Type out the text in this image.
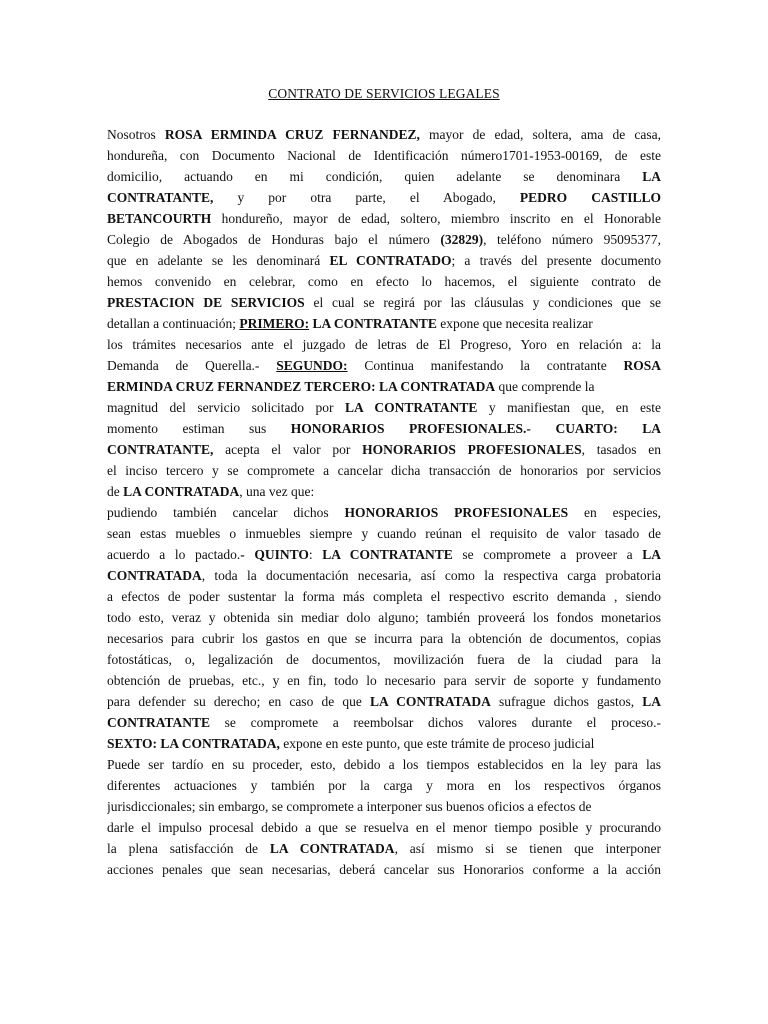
CONTRATO DE SERVICIOS LEGALES
Nosotros ROSA ERMINDA CRUZ FERNANDEZ, mayor de edad, soltera, ama de casa,
hondureña, con Documento Nacional de Identificación número1701-1953-00169, de este
domicilio, actuando en mi condición, quien adelante se denominara LA
CONTRATANTE, y por otra parte, el Abogado, PEDRO CASTILLO
BETANCOURTH hondureño, mayor de edad, soltero, miembro inscrito en el Honorable
Colegio de Abogados de Honduras bajo el número (32829), teléfono número 95095377,
que en adelante se les denominará EL CONTRATADO; a través del presente documento
hemos convenido en celebrar, como en efecto lo hacemos, el siguiente contrato de
PRESTACION DE SERVICIOS el cual se regirá por las cláusulas y condiciones que se
detallan a continuación; PRIMERO: LA CONTRATANTE expone que necesita realizar
los trámites necesarios ante el juzgado de letras de El Progreso, Yoro en relación a: la
Demanda de Querella.- SEGUNDO: Continua manifestando la contratante ROSA
ERMINDA CRUZ FERNANDEZ TERCERO: LA CONTRATADA que comprende la
magnitud del servicio solicitado por LA CONTRATANTE y manifiestan que, en este
momento estiman sus HONORARIOS PROFESIONALES.- CUARTO: LA
CONTRATANTE, acepta el valor por HONORARIOS PROFESIONALES, tasados en
el inciso tercero y se compromete a cancelar dicha transacción de honorarios por servicios
de LA CONTRATADA, una vez que:
pudiendo también cancelar dichos HONORARIOS PROFESIONALES en especies,
sean estas muebles o inmuebles siempre y cuando reúnan el requisito de valor tasado de
acuerdo a lo pactado.- QUINTO: LA CONTRATANTE se compromete a proveer a LA
CONTRATADA, toda la documentación necesaria, así como la respectiva carga probatoria
a efectos de poder sustentar la forma más completa el respectivo escrito demanda , siendo
todo esto, veraz y obtenida sin mediar dolo alguno; también proveerá los fondos monetarios
necesarios para cubrir los gastos en que se incurra para la obtención de documentos, copias
fotostáticas, o, legalización de documentos, movilización fuera de la ciudad para la
obtención de pruebas, etc., y en fin, todo lo necesario para servir de soporte y fundamento
para defender su derecho; en caso de que LA CONTRATADA sufrague dichos gastos, LA
CONTRATANTE se compromete a reembolsar dichos valores durante el proceso.-
SEXTO: LA CONTRATADA, expone en este punto, que este trámite de proceso judicial
Puede ser tardío en su proceder, esto, debido a los tiempos establecidos en la ley para las
diferentes actuaciones y también por la carga y mora en los respectivos órganos
jurisdiccionales; sin embargo, se compromete a interponer sus buenos oficios a efectos de
darle el impulso procesal debido a que se resuelva en el menor tiempo posible y procurando
la plena satisfacción de LA CONTRATADA, así mismo si se tienen que interponer
acciones penales que sean necesarias, deberá cancelar sus Honorarios conforme a la acción
